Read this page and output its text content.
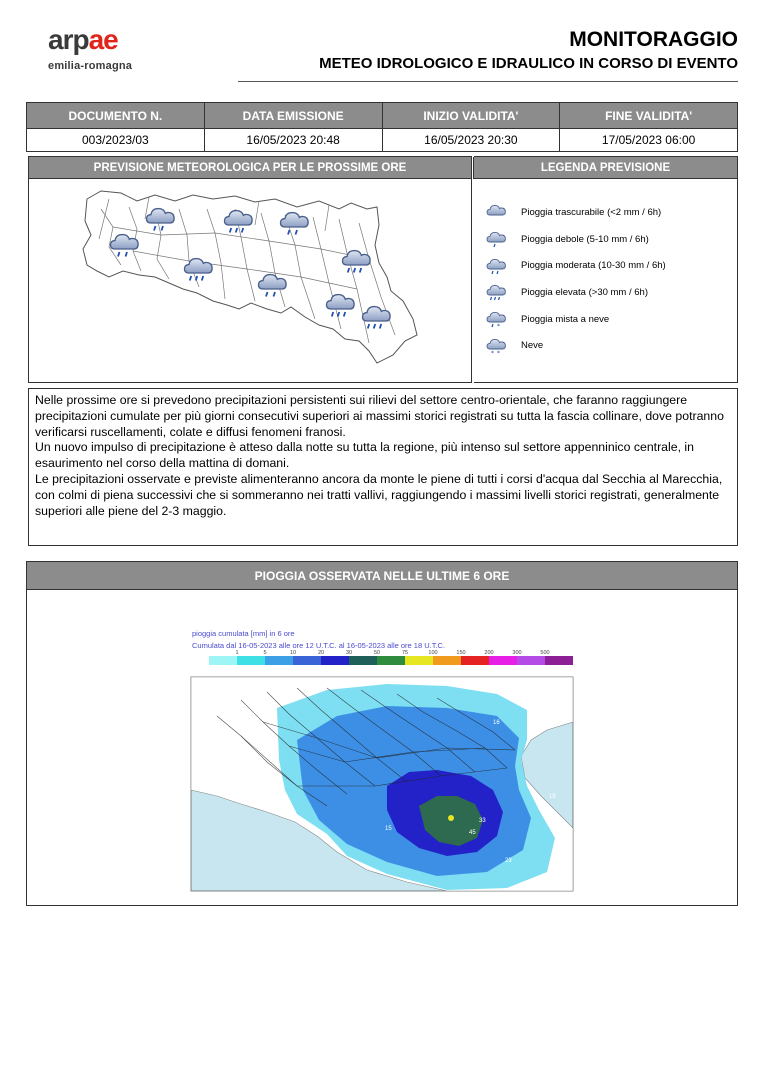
arpae
emilia-romagna
MONITORAGGIO
METEO IDROLOGICO E IDRAULICO IN CORSO DI EVENTO
DOCUMENTO N.	DATA EMISSIONE	INIZIO VALIDITA'	FINE VALIDITA'
003/2023/03	16/05/2023 20:48	16/05/2023 20:30	17/05/2023 06:00
PREVISIONE METEOROLOGICA PER LE PROSSIME ORE	LEGENDA PREVISIONE
Pioggia trascurabile (<2 mm / 6h)
Pioggia debole (5-10 mm / 6h)
Pioggia moderata (10-30 mm / 6h)
Pioggia elevata (>30 mm / 6h)
*
Pioggia mista a neve
* *
Neve
Nelle prossime ore si prevedono precipitazioni persistenti sui rilievi del settore centro-orientale, che faranno raggiungere precipitazioni cumulate per più giorni consecutivi superiori ai massimi storici registrati su tutta la fascia collinare, dove potranno verificarsi ruscellamenti, colate e diffusi fenomeni franosi.
Un nuovo impulso di precipitazione è atteso dalla notte su tutta la regione, più intenso sul settore appenninico centrale, in esaurimento nel corso della mattina di domani.
Le precipitazioni osservate e previste alimenteranno ancora da monte le piene di tutti i corsi d'acqua dal Secchia al Marecchia, con colmi di piena successivi che si sommeranno nei tratti vallivi, raggiungendo i massimi livelli storici registrati, generalmente superiori alle piene del 2-3 maggio.
PIOGGIA OSSERVATA NELLE ULTIME 6 ORE
pioggia cumulata [mm] in 6 ore
Cumulata dal 16-05-2023 alle ore 12 U.T.C. al 16-05-2023 alle ore 18 U.T.C.
1	5	10	20	30	50	75	100	150	200	300	500
16
15
33
45
23
19
